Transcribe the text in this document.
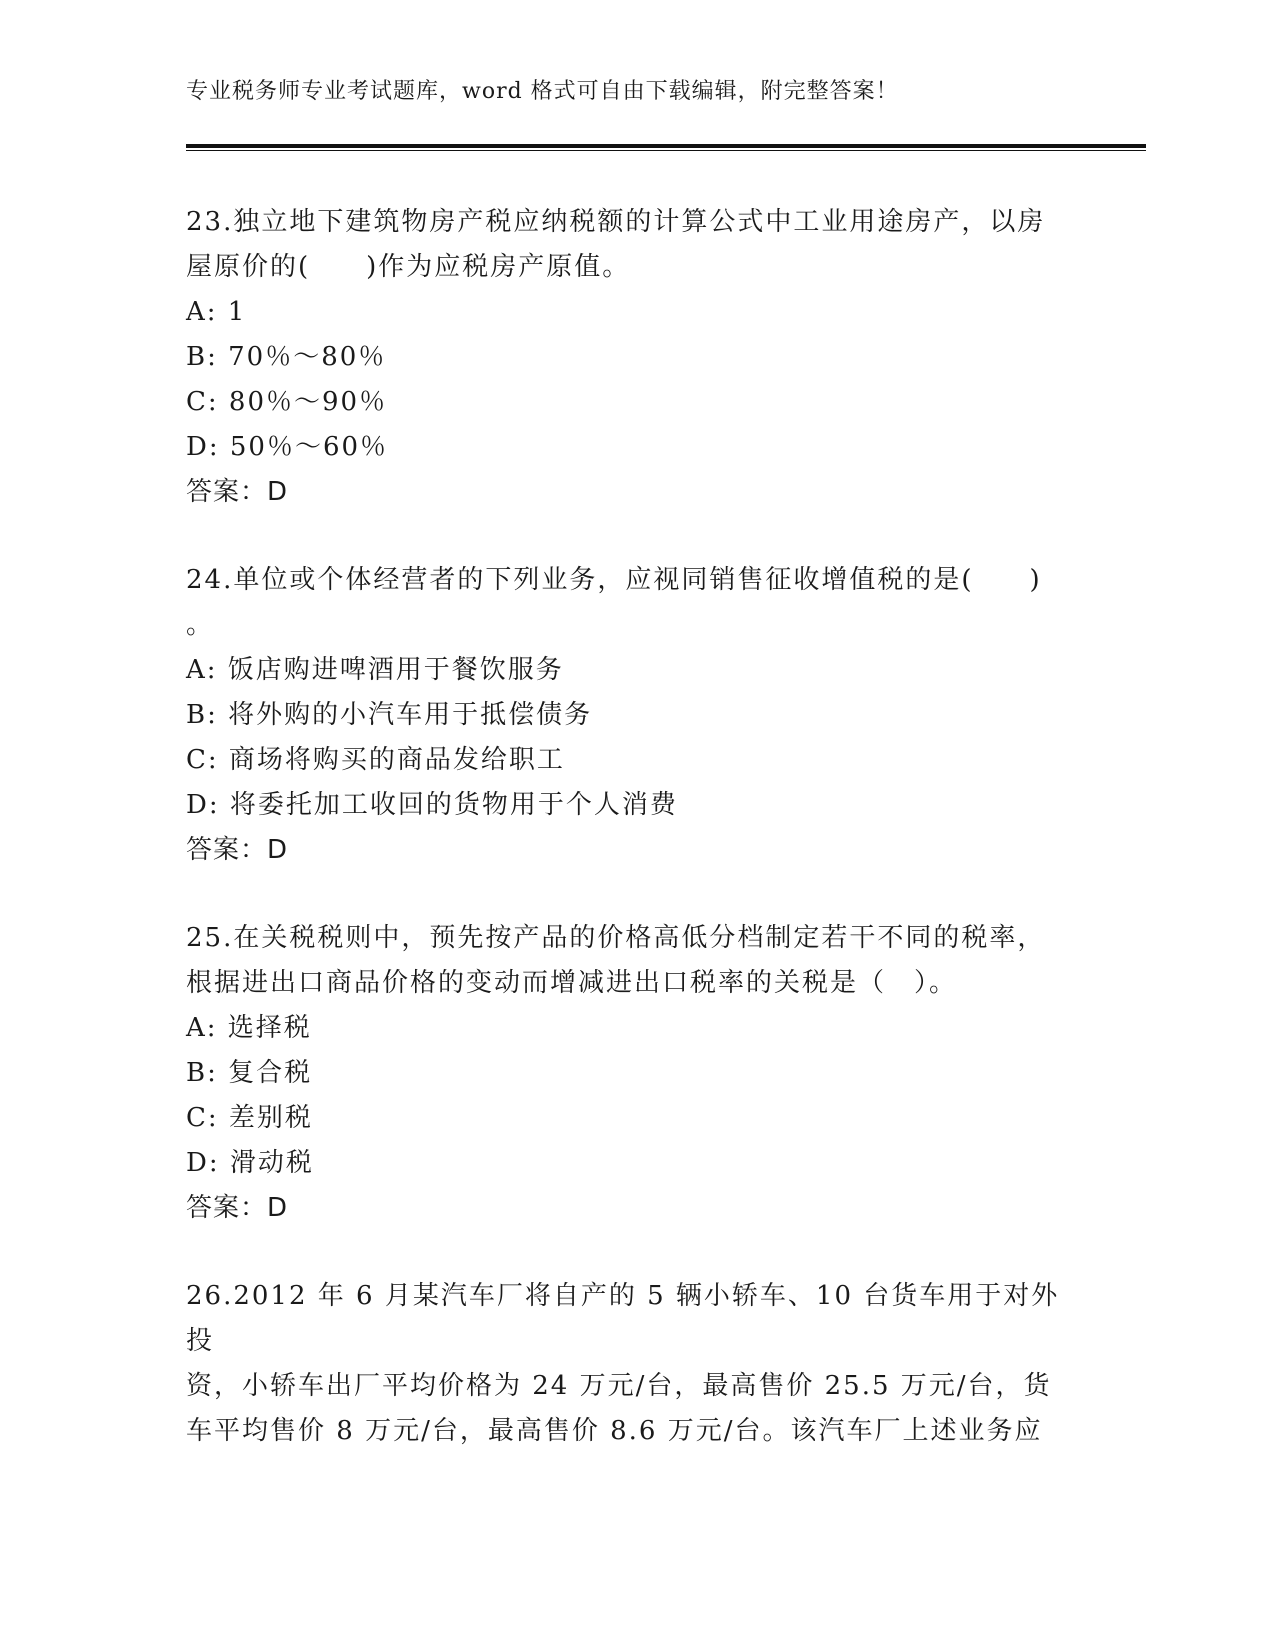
专业税务师专业考试题库，word 格式可自由下载编辑，附完整答案！
23.独立地下建筑物房产税应纳税额的计算公式中工业用途房产，以房
屋原价的(　　)作为应税房产原值。
A: 1
B: 70％～80％
C: 80％～90％
D: 50％～60％
答案：D
24.单位或个体经营者的下列业务，应视同销售征收增值税的是(　　)
。
A: 饭店购进啤酒用于餐饮服务
B: 将外购的小汽车用于抵偿债务
C: 商场将购买的商品发给职工
D: 将委托加工收回的货物用于个人消费
答案：D
25.在关税税则中，预先按产品的价格高低分档制定若干不同的税率，
根据进出口商品价格的变动而增减进出口税率的关税是（　）。
A: 选择税
B: 复合税
C: 差别税
D: 滑动税
答案：D
26.2012 年 6 月某汽车厂将自产的 5 辆小轿车、10 台货车用于对外投
资，小轿车出厂平均价格为 24 万元/台，最高售价 25.5 万元/台，货
车平均售价 8 万元/台，最高售价 8.6 万元/台。该汽车厂上述业务应
